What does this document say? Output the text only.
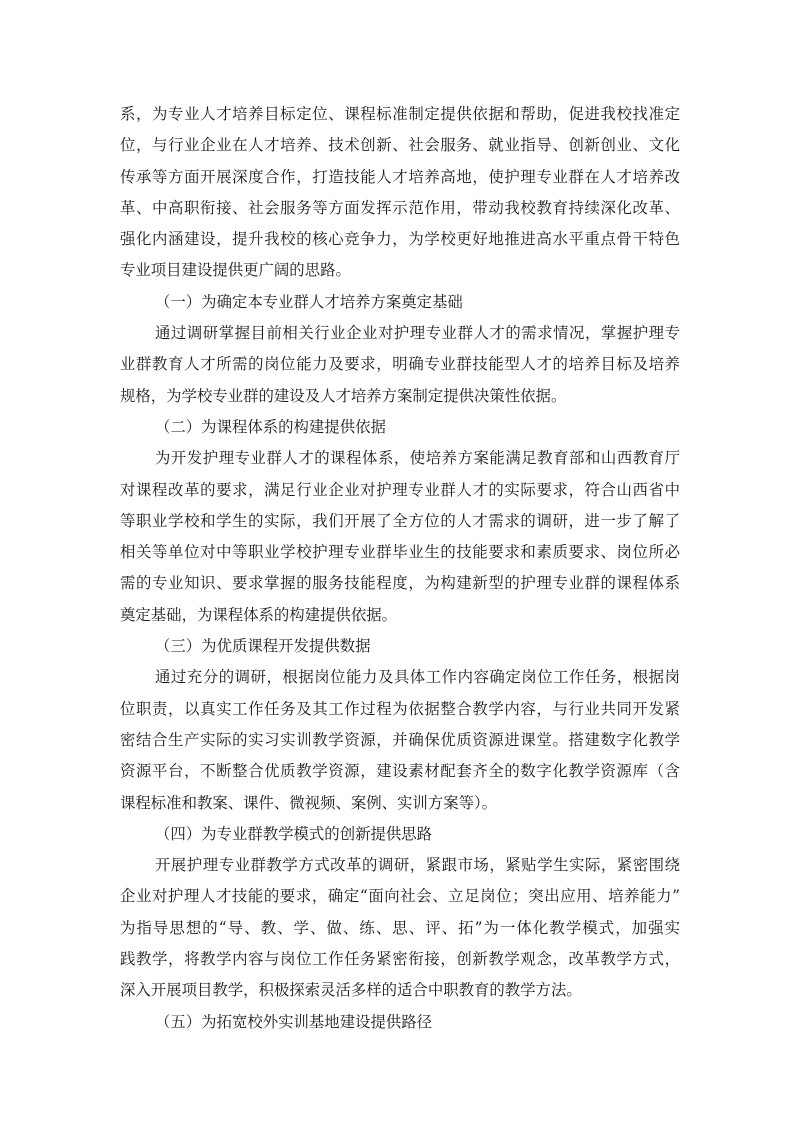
系，为专业人才培养目标定位、课程标准制定提供依据和帮助，促进我校找准定
位，与行业企业在人才培养、技术创新、社会服务、就业指导、创新创业、文化
传承等方面开展深度合作，打造技能人才培养高地，使护理专业群在人才培养改
革、中高职衔接、社会服务等方面发挥示范作用，带动我校教育持续深化改革、
强化内涵建设，提升我校的核心竞争力，为学校更好地推进高水平重点骨干特色
专业项目建设提供更广阔的思路。
（一）为确定本专业群人才培养方案奠定基础
通过调研掌握目前相关行业企业对护理专业群人才的需求情况，掌握护理专
业群教育人才所需的岗位能力及要求，明确专业群技能型人才的培养目标及培养
规格，为学校专业群的建设及人才培养方案制定提供决策性依据。
（二）为课程体系的构建提供依据
为开发护理专业群人才的课程体系，使培养方案能满足教育部和山西教育厅
对课程改革的要求，满足行业企业对护理专业群人才的实际要求，符合山西省中
等职业学校和学生的实际，我们开展了全方位的人才需求的调研，进一步了解了
相关等单位对中等职业学校护理专业群毕业生的技能要求和素质要求、岗位所必
需的专业知识、要求掌握的服务技能程度，为构建新型的护理专业群的课程体系
奠定基础，为课程体系的构建提供依据。
（三）为优质课程开发提供数据
通过充分的调研，根据岗位能力及具体工作内容确定岗位工作任务，根据岗
位职责，以真实工作任务及其工作过程为依据整合教学内容，与行业共同开发紧
密结合生产实际的实习实训教学资源，并确保优质资源进课堂。搭建数字化教学
资源平台，不断整合优质教学资源，建设素材配套齐全的数字化教学资源库（含
课程标准和教案、课件、微视频、案例、实训方案等）。
（四）为专业群教学模式的创新提供思路
开展护理专业群教学方式改革的调研，紧跟市场，紧贴学生实际，紧密围绕
企业对护理人才技能的要求，确定“面向社会、立足岗位；突出应用、培养能力”
为指导思想的“导、教、学、做、练、思、评、拓”为一体化教学模式，加强实
践教学，将教学内容与岗位工作任务紧密衔接，创新教学观念，改革教学方式，
深入开展项目教学，积极探索灵活多样的适合中职教育的教学方法。
（五）为拓宽校外实训基地建设提供路径
